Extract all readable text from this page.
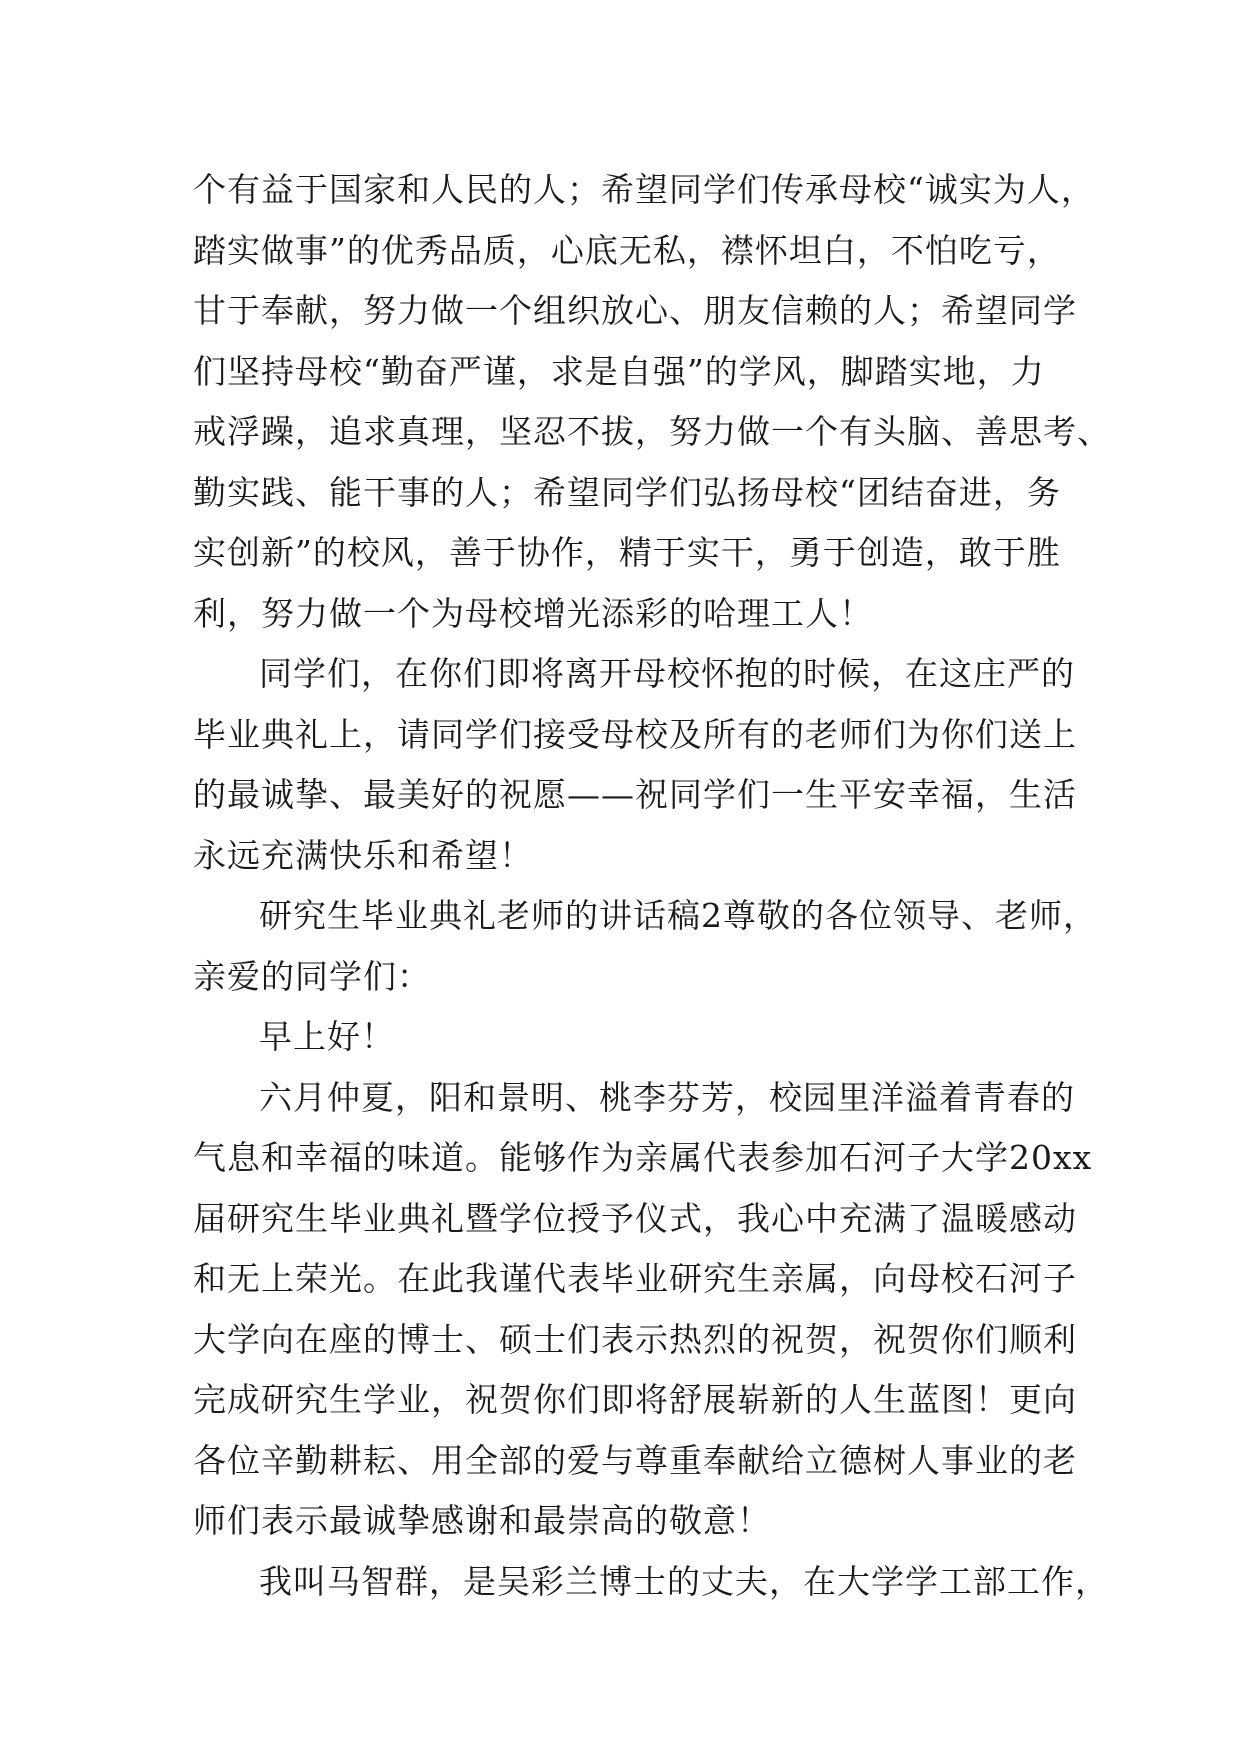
个有益于国家和人民的人；希望同学们传承母校“诚实为人，
踏实做事”的优秀品质，心底无私，襟怀坦白，不怕吃亏，
甘于奉献，努力做一个组织放心、朋友信赖的人；希望同学
们坚持母校“勤奋严谨，求是自强”的学风，脚踏实地，力
戒浮躁，追求真理，坚忍不拔，努力做一个有头脑、善思考、
勤实践、能干事的人；希望同学们弘扬母校“团结奋进，务
实创新”的校风，善于协作，精于实干，勇于创造，敢于胜
利，努力做一个为母校增光添彩的哈理工人！
同学们，在你们即将离开母校怀抱的时候，在这庄严的
毕业典礼上，请同学们接受母校及所有的老师们为你们送上
的最诚挚、最美好的祝愿——祝同学们一生平安幸福，生活
永远充满快乐和希望！
研究生毕业典礼老师的讲话稿2尊敬的各位领导、老师，
亲爱的同学们：
早上好！
六月仲夏，阳和景明、桃李芬芳，校园里洋溢着青春的
气息和幸福的味道。能够作为亲属代表参加石河子大学20xx
届研究生毕业典礼暨学位授予仪式，我心中充满了温暖感动
和无上荣光。在此我谨代表毕业研究生亲属，向母校石河子
大学向在座的博士、硕士们表示热烈的祝贺，祝贺你们顺利
完成研究生学业，祝贺你们即将舒展崭新的人生蓝图！更向
各位辛勤耕耘、用全部的爱与尊重奉献给立德树人事业的老
师们表示最诚挚感谢和最崇高的敬意！
我叫马智群，是吴彩兰博士的丈夫，在大学学工部工作，
